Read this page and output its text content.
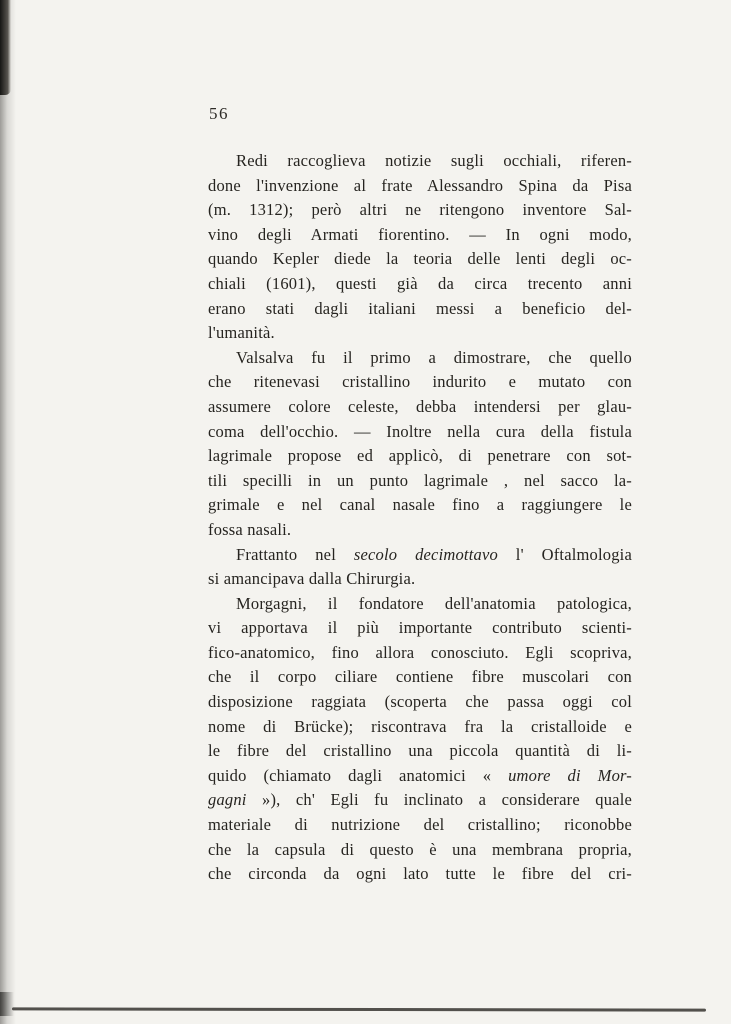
56
Redi raccoglieva notizie sugli occhiali, riferen-
done l'invenzione al frate Alessandro Spina da Pisa
(m. 1312); però altri ne ritengono inventore Sal-
vino degli Armati fiorentino. — In ogni modo,
quando Kepler diede la teoria delle lenti degli oc-
chiali (1601), questi già da circa trecento anni
erano stati dagli italiani messi a beneficio del-
l'umanità.
Valsalva fu il primo a dimostrare, che quello
che ritenevasi cristallino indurito e mutato con
assumere colore celeste, debba intendersi per glau-
coma dell'occhio. — Inoltre nella cura della fistula
lagrimale propose ed applicò, di penetrare con sot-
tili specilli in un punto lagrimale , nel sacco la-
grimale e nel canal nasale fino a raggiungere le
fossa nasali.
Frattanto nel secolo decimottavo l' Oftalmologia
si amancipava dalla Chirurgia.
Morgagni, il fondatore dell'anatomia patologica,
vi apportava il più importante contributo scienti-
fico-anatomico, fino allora conosciuto. Egli scopriva,
che il corpo ciliare contiene fibre muscolari con
disposizione raggiata (scoperta che passa oggi col
nome di Brücke); riscontrava fra la cristalloide e
le fibre del cristallino una piccola quantità di li-
quido (chiamato dagli anatomici « umore di Mor-
gagni »), ch' Egli fu inclinato a considerare quale
materiale di nutrizione del cristallino; riconobbe
che la capsula di questo è una membrana propria,
che circonda da ogni lato tutte le fibre del cri-
